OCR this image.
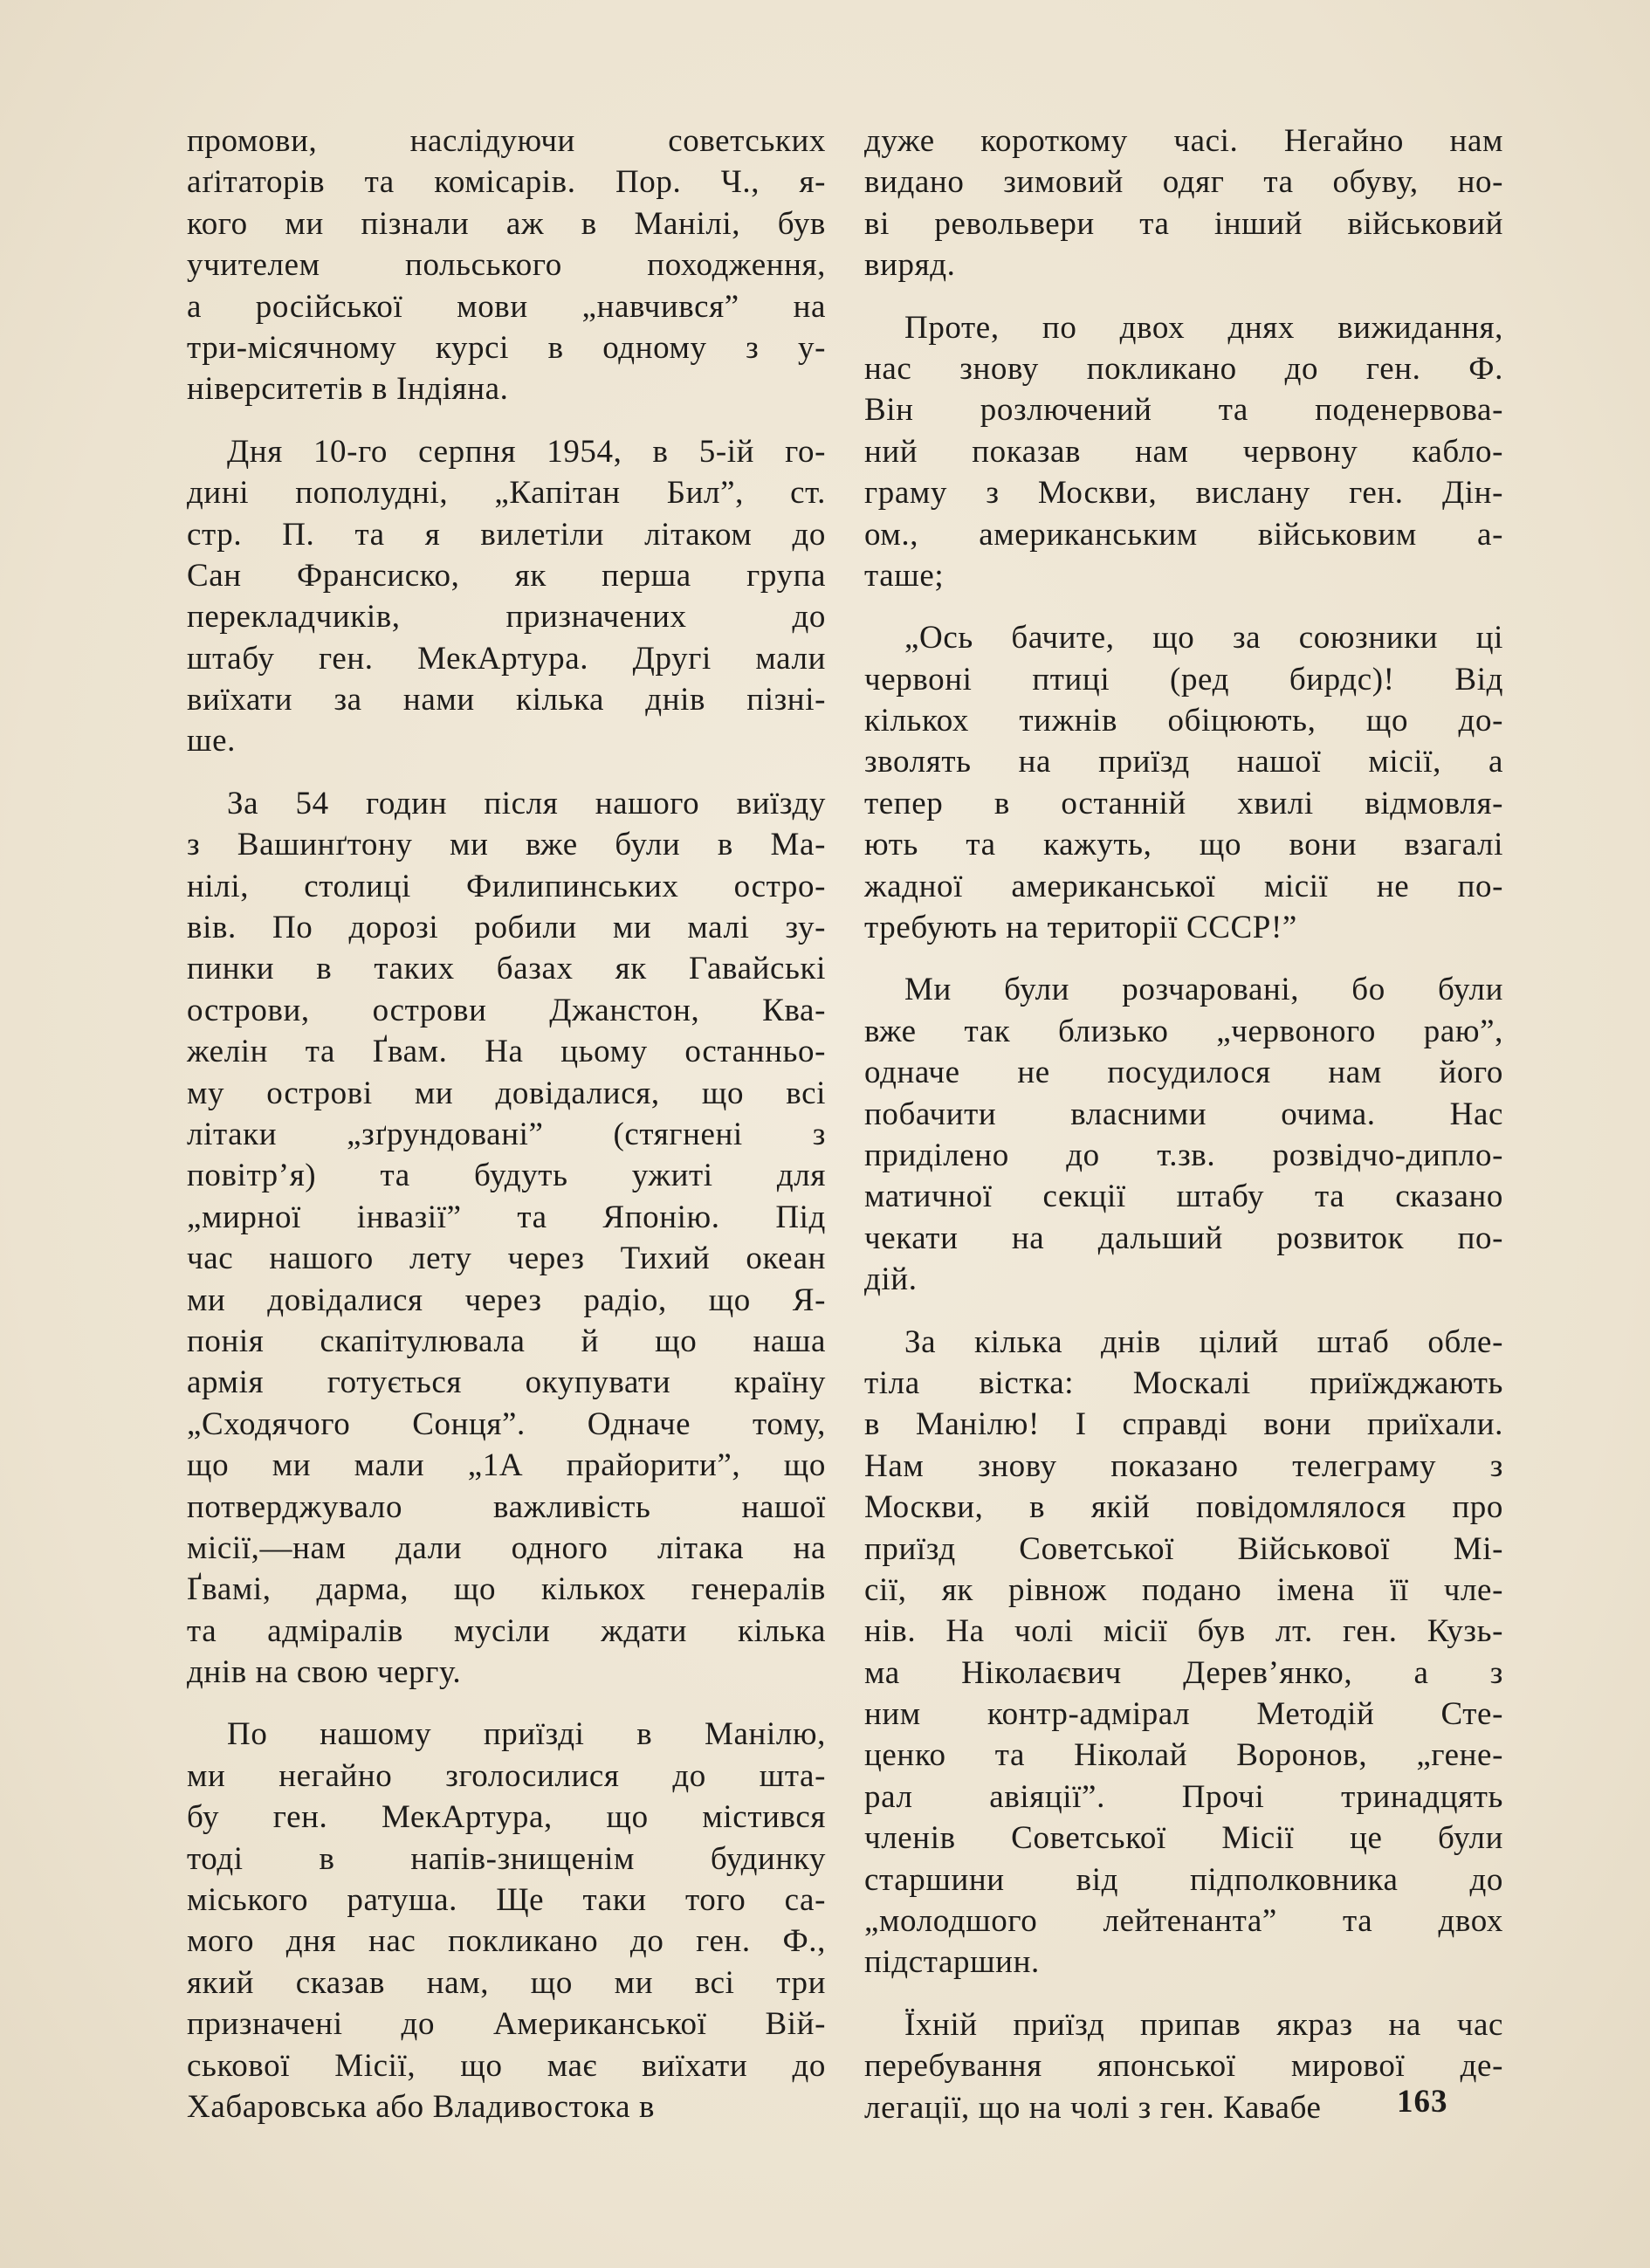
промови, наслідуючи советських
аґітаторів та комісарів. Пор. Ч., я-
кого ми пізнали аж в Манілі, був
учителем польського походження,
а російської мови „навчився” на
три-місячному курсі в одному з у-
ніверситетів в Індіяна.
Дня 10-го серпня 1954, в 5-ій го-
дині пополудні, „Капітан Бил”, ст.
стр. П. та я вилетіли літаком до
Сан Франсиско, як перша група
перекладчиків, призначених до
штабу ген. МекАртура. Другі мали
виїхати за нами кілька днів пізні-
ше.
За 54 годин після нашого виїзду
з Вашинґтону ми вже були в Ма-
нілі, столиці Филипинських остро-
вів. По дорозі робили ми малі зу-
пинки в таких базах як Гавайські
острови, острови Джанстон, Ква-
желін та Ґвам. На цьому останньо-
му острові ми довідалися, що всі
літаки „зґрундовані” (стягнені з
повітр’я) та будуть ужиті для
„мирної інвазії” та Японію. Під
час нашого лету через Тихий океан
ми довідалися через радіо, що Я-
понія скапітулювала й що наша
армія готується окупувати країну
„Сходячого Сонця”. Одначе тому,
що ми мали „1А прайорити”, що
потверджувало важливість нашої
місії,—нам дали одного літака на
Ґвамі, дарма, що кількох генералів
та адміралів мусіли ждати кілька
днів на свою чергу.
По нашому приїзді в Манілю,
ми негайно зголосилися до шта-
бу ген. МекАртура, що містився
тоді в напів-знищенім будинку
міського ратуша. Ще таки того са-
мого дня нас покликано до ген. Ф.,
який сказав нам, що ми всі три
призначені до Американської Вій-
ськової Місії, що має виїхати до
Хабаровська або Владивостока в
дуже короткому часі. Негайно нам
видано зимовий одяг та обуву, но-
ві револьвери та інший військовий
виряд.
Проте, по двох днях вижидання,
нас знову покликано до ген. Ф.
Він розлючений та поденервова-
ний показав нам червону каблo-
граму з Москви, вислану ген. Дін-
ом., американським військовим а-
таше;
„Ось бачите, що за союзники ці
червоні птиці (ред бирдс)! Від
кількох тижнів обіцюють, що до-
зволять на приїзд нашої місії, а
тепер в останній хвилі відмовля-
ють та кажуть, що вони взагалі
жадної американської місії не по-
требують на території СССР!”
Ми були розчаровані, бо були
вже так близько „червоного раю”,
одначе не посудилося нам його
побачити власними очима. Нас
приділено до т.зв. розвідчо-дипло-
матичної секції штабу та сказано
чекати на дальший розвиток по-
дій.
За кілька днів цілий штаб обле-
тіла вістка: Москалі приїжджають
в Манілю! І справді вони приїхали.
Нам знову показано телеграму з
Москви, в якій повідомлялося про
приїзд Советської Військової Мі-
сії, як рівнож подано імена її чле-
нів. На чолі місії був лт. ген. Кузь-
ма Ніколаєвич Дерев’янко, а з
ним контр-адмірал Методій Сте-
ценко та Ніколай Воронов, „гене-
рал авіяції”. Прочі тринадцять
членів Советської Місії це були
старшини від підполковника до
„молодшого лейтенанта” та двох
підстаршин.
Їхній приїзд припав якраз на час
перебування японської мирової де-
легації, що на чолі з ген. Кавабе	163
